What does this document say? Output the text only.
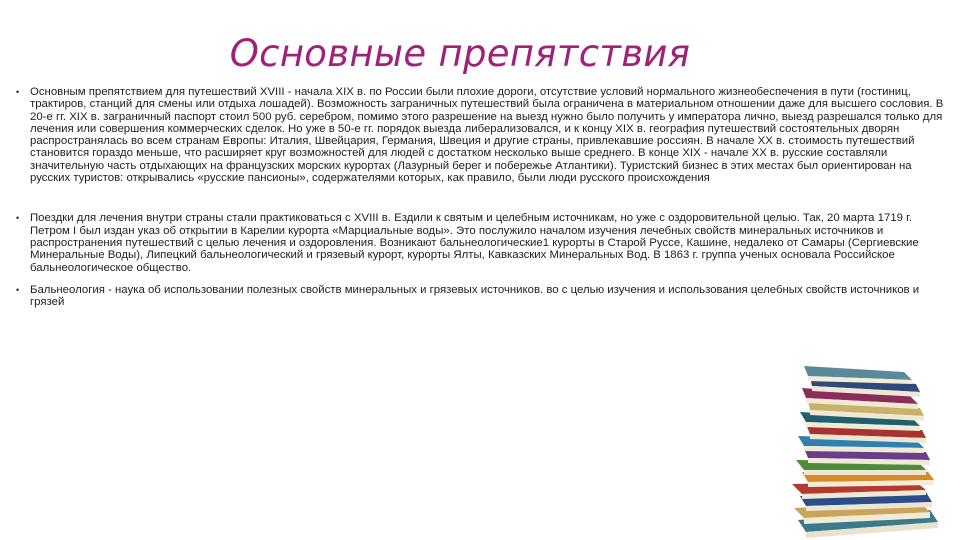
Основные препятствия
• Основным препятствием для путешествий XVIII - начала XIX в. по России были плохие дороги, отсутствие условий нормального жизнеобеспечения в пути (гостиниц, трактиров, станций для смены или отдыха лошадей). Возможность заграничных путешествий была ограничена в материальном отношении даже для высшего сословия. В 20-е гг. XIX в. заграничный паспорт стоил 500 руб. серебром, помимо этого разрешение на выезд нужно было получить у императора лично, выезд разрешался только для лечения или совершения коммерческих сделок. Но уже в 50-е гг. порядок выезда либерализовался, и к концу XIX в. география путешествий состоятельных дворян распространялась во всем странам Европы: Италия, Швейцария, Германия, Швеция и другие страны, привлекавшие россиян. В начале XX в. стоимость путешествий становится гораздо меньше, что расширяет круг возможностей для людей с достатком несколько выше среднего. В конце XIX - начале XX в. русские составляли значительную часть отдыхающих на французских морских курортах (Лазурный берег и побережье Атлантики). Туристский бизнес в этих местах был ориентирован на русских туристов: открывались «русские пансионы», содержателями которых, как правило, были люди русского происхождения
• Поездки для лечения внутри страны стали практиковаться с XVIII в. Ездили к святым и целебным источникам, но уже с оздоровительной целью. Так, 20 марта 1719 г. Петром I был издан указ об открытии в Карелии курорта «Марциальные воды». Это послужило началом изучения лечебных свойств минеральных источников и распространения путешествий с целью лечения и оздоровления. Возникают бальнеологические1 курорты в Старой Руссе, Кашине, недалеко от Самары (Сергиевские Минеральные Воды), Липецкий бальнеологический и грязевый курорт, курорты Ялты, Кавказских Минеральных Вод. В 1863 г. группа ученых основала Российское бальнеологическое общество.
• Бальнеология - наука об использовании полезных свойств минеральных и грязевых источников. во с целью изучения и использования целебных свойств источников и грязей
